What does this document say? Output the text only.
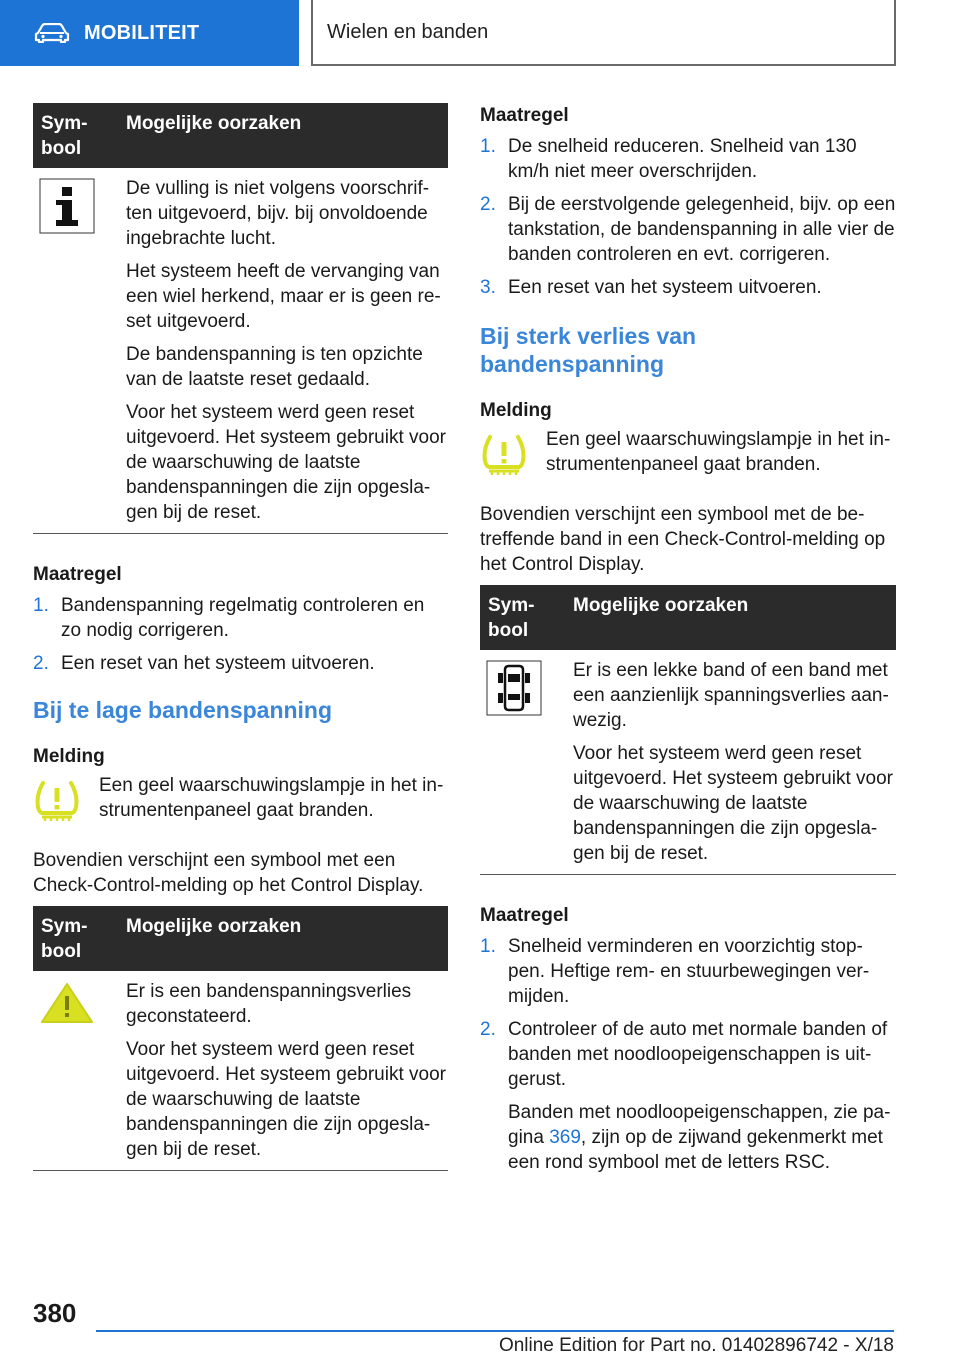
MOBILITEIT	Wielen en banden
Sym‐
bool
Mogelijke oorzaken

De vulling is niet volgens voorschrif‐ten uitgevoerd, bijv. bij onvoldoende ingebrachte lucht.

Het systeem heeft de vervanging van een wiel herkend, maar er is geen re‐set uitgevoerd.

De bandenspanning is ten opzichte van de laatste reset gedaald.

Voor het systeem werd geen reset uitgevoerd. Het systeem gebruikt voor de waarschuwing de laatste bandenspanningen die zijn opgesla‐gen bij de reset.

Maatregel
1. Bandenspanning regelmatig controleren en zo nodig corrigeren.
2. Een reset van het systeem uitvoeren.
Bij te lage bandenspanning
Melding
Een geel waarschuwingslampje in het in‐strumentenpaneel gaat branden.
Bovendien verschijnt een symbool met een Check-Control-melding op het Control Display.
Sym‐
bool
Mogelijke oorzaken

Er is een bandenspanningsverlies geconstateerd.

Voor het systeem werd geen reset uitgevoerd. Het systeem gebruikt voor de waarschuwing de laatste bandenspanningen die zijn opgesla‐gen bij de reset.

Maatregel
1. De snelheid reduceren. Snelheid van 130 km/h niet meer overschrijden.
2. Bij de eerstvolgende gelegenheid, bijv. op een tankstation, de bandenspanning in alle vier de banden controleren en evt. corrigeren.
3. Een reset van het systeem uitvoeren.
Bij sterk verlies van bandenspanning
Melding
Een geel waarschuwingslampje in het in‐strumentenpaneel gaat branden.
Bovendien verschijnt een symbool met de be‐treffende band in een Check-Control-melding op het Control Display.
Sym‐
bool
Mogelijke oorzaken

Er is een lekke band of een band met een aanzienlijk spanningsverlies aan‐wezig.

Voor het systeem werd geen reset uitgevoerd. Het systeem gebruikt voor de waarschuwing de laatste bandenspanningen die zijn opgesla‐gen bij de reset.

Maatregel
1. Snelheid verminderen en voorzichtig stop‐pen. Heftige rem- en stuurbewegingen ver‐mijden.
2. Controleer of de auto met normale banden of banden met noodloopeigenschappen is uit‐gerust.
Banden met noodloopeigenschappen, zie pa‐gina 369, zijn op de zijwand gekenmerkt met een rond symbool met de letters RSC.
380
Online Edition for Part no. 01402896742 - X/18
